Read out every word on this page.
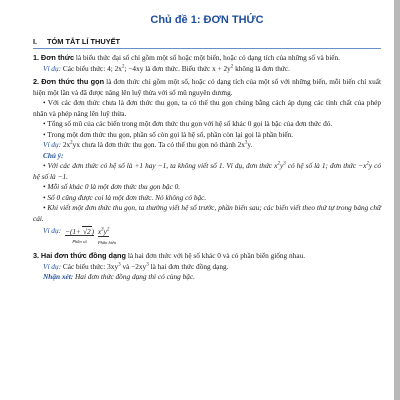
Chủ đề 1: ĐƠN THỨC
I. TÓM TẮT LÍ THUYẾT

1. Đơn thức là biểu thức đại số chỉ gồm một số hoặc một biến, hoặc có dạng tích của những số và biến.

Ví dụ: Các biểu thức: 4; $2x^2$; −4xy là đơn thức. Biểu thức $x + 2y^2$ không là đơn thức.

2. Đơn thức thu gọn là đơn thức chỉ gồm một số, hoặc có dạng tích của một số với những biến, mỗi biến chỉ xuất hiện một lần và đã được nâng lên luỹ thừa với số mũ nguyên dương.

• Với các đơn thức chưa là đơn thức thu gọn, ta có thể thu gọn chúng bằng cách áp dụng các tính chất của phép nhân và phép nâng lên luỹ thừa.

• Tổng số mũ của các biến trong một đơn thức thu gọn với hệ số khác 0 gọi là bậc của đơn thức đó.

• Trong một đơn thức thu gọn, phần số còn gọi là hệ số, phần còn lại gọi là phần biến.

Ví dụ: $2x^2yx$ chưa là đơn thức thu gọn. Ta có thể thu gọn nó thành $2x^3y$.

Chú ý:

• Với các đơn thức có hệ số là +1 hay −1, ta không viết số 1. Ví dụ, đơn thức $x^2y^3$ có hệ số là 1; đơn thức $-x^2y$ có hệ số là −1.

• Mỗi số khác 0 là một đơn thức thu gọn bậc 0.

• Số 0 cũng được coi là một đơn thức. Nó không có bậc.

• Khi viết một đơn thức thu gọn, ta thường viết hệ số trước, phần biến sau; các biến viết theo thứ tự trong bảng chữ cái.

Ví dụ: −(1+ √2)
Phần số
$x^3y^2$
Phần biến

3. Hai đơn thức đồng dạng là hai đơn thức với hệ số khác 0 và có phần biến giống nhau.

Ví dụ: Các biểu thức: $3xy^3$ và $-2xy^3$ là hai đơn thức đồng dạng.

Nhận xét: Hai đơn thức đồng dạng thì có cùng bậc.
